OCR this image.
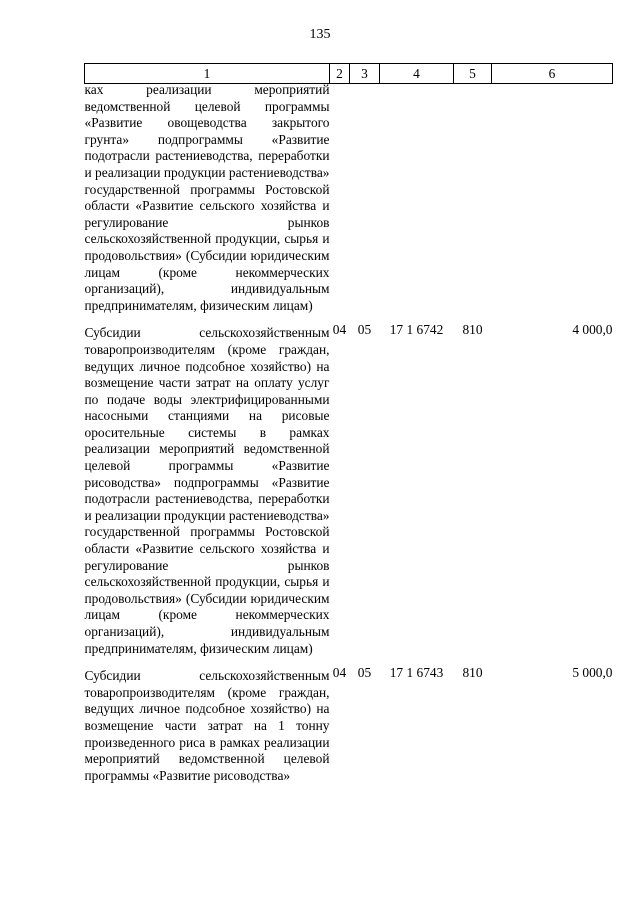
135
1	2	3	4	5	6

ках реализации мероприятий ведомственной целевой программы «Развитие овощеводства закрытого грунта» подпрограммы «Развитие подотрасли растениеводства, переработки и реализации продукции растениеводства» государственной программы Ростовской области «Развитие сельского хозяйства и регулирование рынков сельскохозяйственной продукции, сырья и продовольствия» (Субсидии юридическим лицам (кроме некоммерческих организаций), индивидуальным предпринимателям, физическим лицам)					

Субсидии сельскохозяйственным товаропроизводителям (кроме граждан, ведущих личное подсобное хозяйство) на возмещение части затрат на оплату услуг по подаче воды электрифицированными насосными станциями на рисовые оросительные системы в рамках реализации мероприятий ведомственной целевой программы «Развитие рисоводства» подпрограммы «Развитие подотрасли растениеводства, переработки и реализации продукции растениеводства» государственной программы Ростовской области «Развитие сельского хозяйства и регулирование рынков сельскохозяйственной продукции, сырья и продовольствия» (Субсидии юридическим лицам (кроме некоммерческих организаций), индивидуальным предпринимателям, физическим лицам)	04	05	17 1 6742	810	4 000,0

Субсидии сельскохозяйственным товаропроизводителям (кроме граждан, ведущих личное подсобное хозяйство) на возмещение части затрат на 1 тонну произведенного риса в рамках реализации мероприятий ведомственной целевой программы «Развитие рисоводства»	04	05	17 1 6743	810	5 000,0
